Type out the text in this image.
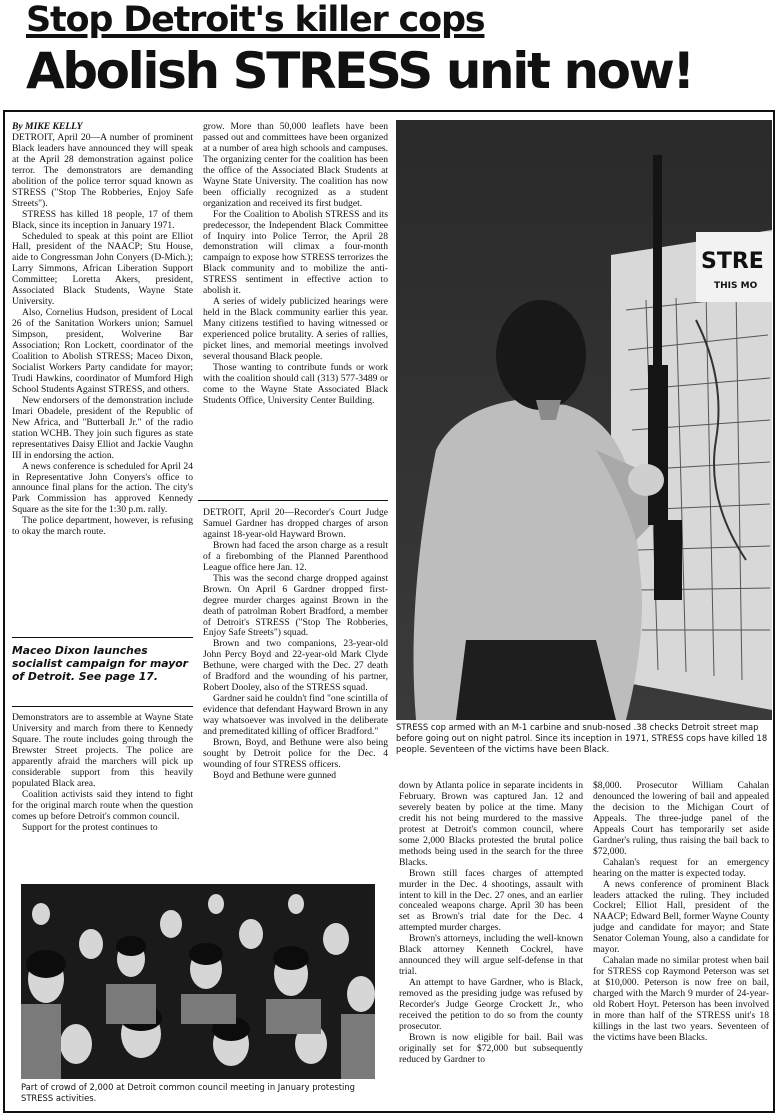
Stop Detroit's killer cops
Abolish STRESS unit now!

By MIKE KELLY

DETROIT, April 20—A number of prominent Black leaders have announced they will speak at the April 28 demonstration against police terror. The demonstrators are demanding abolition of the police terror squad known as STRESS ("Stop The Robberies, Enjoy Safe Streets").

STRESS has killed 18 people, 17 of them Black, since its inception in January 1971.

Scheduled to speak at this point are Elliot Hall, president of the NAACP; Stu House, aide to Congressman John Conyers (D-Mich.); Larry Simmons, African Liberation Support Committee; Loretta Akers, president, Associated Black Students, Wayne State University.

Also, Cornelius Hudson, president of Local 26 of the Sanitation Workers union; Samuel Simpson, president, Wolverine Bar Association; Ron Lockett, coordinator of the Coalition to Abolish STRESS; Maceo Dixon, Socialist Workers Party candidate for mayor; Trudi Hawkins, coordinator of Mumford High School Students Against STRESS, and others.

New endorsers of the demonstration include Imari Obadele, president of the Republic of New Africa, and "Butterball Jr." of the radio station WCHB. They join such figures as state representatives Daisy Elliot and Jackie Vaughn III in endorsing the action.

A news conference is scheduled for April 24 in Representative John Conyers's office to announce final plans for the action. The city's Park Commission has approved Kennedy Square as the site for the 1:30 p.m. rally.

The police department, however, is refusing to okay the march route.

Maceo Dixon launches socialist campaign for mayor of Detroit. See page 17.

Demonstrators are to assemble at Wayne State University and march from there to Kennedy Square. The route includes going through the Brewster Street projects. The police are apparently afraid the marchers will pick up considerable support from this heavily populated Black area.

Coalition activists said they intend to fight for the original march route when the question comes up before Detroit's common council.

Support for the protest continues to

grow. More than 50,000 leaflets have been passed out and committees have been organized at a number of area high schools and campuses. The organizing center for the coalition has been the office of the Associated Black Students at Wayne State University. The coalition has now been officially recognized as a student organization and received its first budget.

For the Coalition to Abolish STRESS and its predecessor, the Independent Black Committee of Inquiry into Police Terror, the April 28 demonstration will climax a four-month campaign to expose how STRESS terrorizes the Black community and to mobilize the anti-STRESS sentiment in effective action to abolish it.

A series of widely publicized hearings were held in the Black community earlier this year. Many citizens testified to having witnessed or experienced police brutality. A series of rallies, picket lines, and memorial meetings involved several thousand Black people.

Those wanting to contribute funds or work with the coalition should call (313) 577-3489 or come to the Wayne State Associated Black Students Office, University Center Building.

DETROIT, April 20—Recorder's Court Judge Samuel Gardner has dropped charges of arson against 18-year-old Hayward Brown.

Brown had faced the arson charge as a result of a firebombing of the Planned Parenthood League office here Jan. 12.

This was the second charge dropped against Brown. On April 6 Gardner dropped first-degree murder charges against Brown in the death of patrolman Robert Bradford, a member of Detroit's STRESS ("Stop The Robberies, Enjoy Safe Streets") squad.

Brown and two companions, 23-year-old John Percy Boyd and 22-year-old Mark Clyde Bethune, were charged with the Dec. 27 death of Bradford and the wounding of his partner, Robert Dooley, also of the STRESS squad.

Gardner said he couldn't find "one scintilla of evidence that defendant Hayward Brown in any way whatsoever was involved in the deliberate and premeditated killing of officer Bradford."

Brown, Boyd, and Bethune were also being sought by Detroit police for the Dec. 4 wounding of four STRESS officers.

Boyd and Bethune were gunned

STRE
THIS MO
STRESS cop armed with an M-1 carbine and snub-nosed .38 checks Detroit street map before going out on night patrol. Since its inception in 1971, STRESS cops have killed 18 people. Seventeen of the victims have been Black.
Part of crowd of 2,000 at Detroit common council meeting in January protesting STRESS activities.

down by Atlanta police in separate incidents in February. Brown was captured Jan. 12 and severely beaten by police at the time. Many credit his not being murdered to the massive protest at Detroit's common council, where some 2,000 Blacks protested the brutal police methods being used in the search for the three Blacks.

Brown still faces charges of attempted murder in the Dec. 4 shootings, assault with intent to kill in the Dec. 27 ones, and an earlier concealed weapons charge. April 30 has been set as Brown's trial date for the Dec. 4 attempted murder charges.

Brown's attorneys, including the well-known Black attorney Kenneth Cockrel, have announced they will argue self-defense in that trial.

An attempt to have Gardner, who is Black, removed as the presiding judge was refused by Recorder's Judge George Crockett Jr., who received the petition to do so from the county prosecutor.

Brown is now eligible for bail. Bail was originally set for $72,000 but subsequently reduced by Gardner to

$8,000. Prosecutor William Cahalan denounced the lowering of bail and appealed the decision to the Michigan Court of Appeals. The three-judge panel of the Appeals Court has temporarily set aside Gardner's ruling, thus raising the bail back to $72,000.

Cahalan's request for an emergency hearing on the matter is expected today.

A news conference of prominent Black leaders attacked the ruling. They included Cockrel; Elliot Hall, president of the NAACP; Edward Bell, former Wayne County judge and candidate for mayor; and State Senator Coleman Young, also a candidate for mayor.

Cahalan made no similar protest when bail for STRESS cop Raymond Peterson was set at $10,000. Peterson is now free on bail, charged with the March 9 murder of 24-year-old Robert Hoyt. Peterson has been involved in more than half of the STRESS unit's 18 killings in the last two years. Seventeen of the victims have been Blacks.
